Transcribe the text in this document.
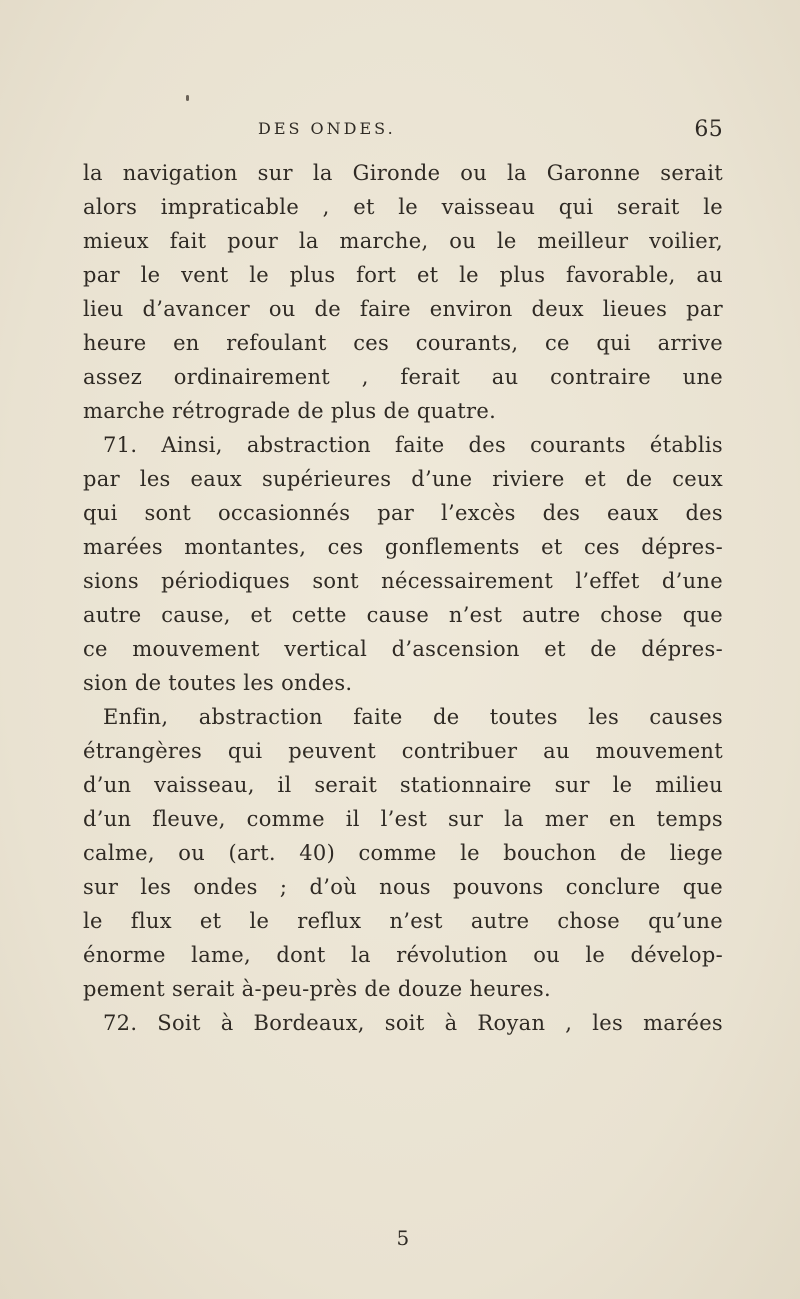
DES ONDES.	65
la navigation sur la Gironde ou la Garonne serait
alors impraticable , et le vaisseau qui serait le
mieux fait pour la marche, ou le meilleur voilier,
par le vent le plus fort et le plus favorable, au
lieu d’avancer ou de faire environ deux lieues par
heure en refoulant ces courants, ce qui arrive
assez ordinairement , ferait au contraire une
marche rétrograde de plus de quatre.
71. Ainsi, abstraction faite des courants établis
par les eaux supérieures d’une riviere et de ceux
qui sont occasionnés par l’excès des eaux des
marées montantes, ces gonflements et ces dépres-
sions périodiques sont nécessairement l’effet d’une
autre cause, et cette cause n’est autre chose que
ce mouvement vertical d’ascension et de dépres-
sion de toutes les ondes.
Enfin, abstraction faite de toutes les causes
étrangères qui peuvent contribuer au mouvement
d’un vaisseau, il serait stationnaire sur le milieu
d’un fleuve, comme il l’est sur la mer en temps
calme, ou (art. 40) comme le bouchon de liege
sur les ondes ; d’où nous pouvons conclure que
le flux et le reflux n’est autre chose qu’une
énorme lame, dont la révolution ou le dévelop-
pement serait à-peu-près de douze heures.
72. Soit à Bordeaux, soit à Royan , les marées
5
